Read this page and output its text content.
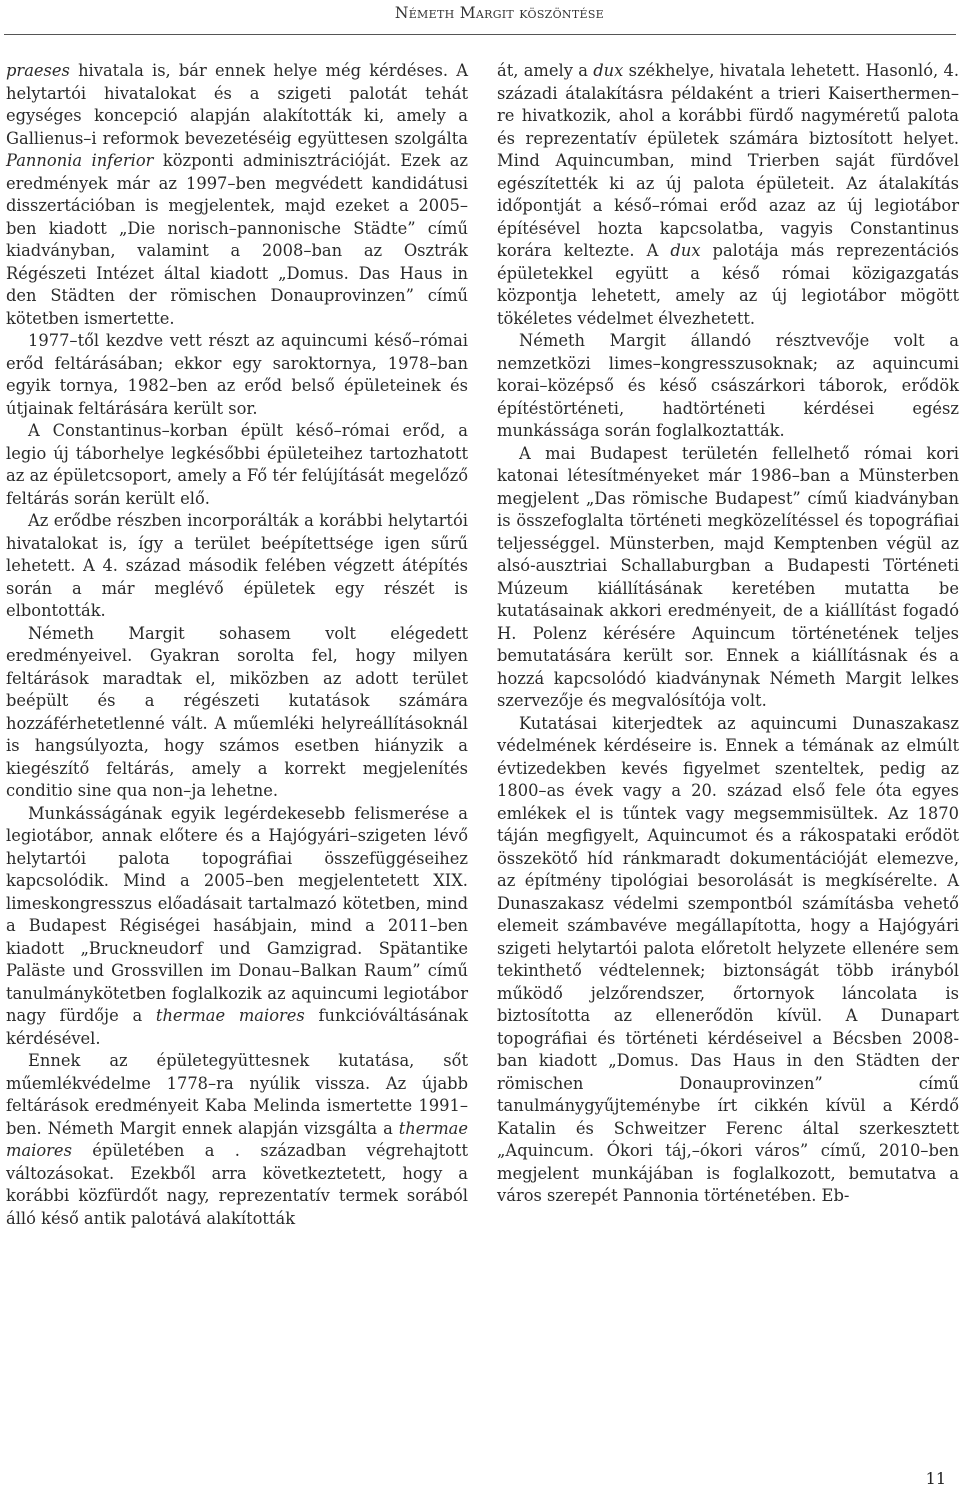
Németh Margit köszöntése

praeses hivatala is, bár ennek helye még kérdéses. A helytartói hivatalokat és a szigeti palotát tehát egységes koncepció alapján alakították ki, amely a Gallienus–i reformok bevezetéséig együttesen szolgálta Pannonia inferior központi adminisztrációját. Ezek az eredmények már az 1997–ben megvédett kandidátusi disszertációban is megjelentek, majd ezeket a 2005–ben kiadott „Die norisch–pannonische Städte” című kiadványban, valamint a 2008–ban az Osztrák Régészeti Intézet által kiadott „Domus. Das Haus in den Städten der römischen Donauprovinzen” című kötetben ismertette.

1977–től kezdve vett részt az aquincumi késő–római erőd feltárásában; ekkor egy saroktornya, 1978–ban egyik tornya, 1982–ben az erőd belső épületeinek és útjainak feltárására került sor.

A Constantinus–korban épült késő–római erőd, a legio új táborhelye legkésőbbi épületeihez tartozhatott az az épületcsoport, amely a Fő tér felújítását megelőző feltárás során került elő.

Az erődbe részben incorporálták a korábbi helytartói hivatalokat is, így a terület beépítettsége igen sűrű lehetett. A 4. század második felében végzett átépítés során a már meglévő épületek egy részét is elbontották.

Németh Margit sohasem volt elégedett eredményeivel. Gyakran sorolta fel, hogy milyen feltárások maradtak el, miközben az adott terület beépült és a régészeti kutatások számára hozzáférhetetlenné vált. A műemléki helyreállításoknál is hangsúlyozta, hogy számos esetben hiányzik a kiegészítő feltárás, amely a korrekt megjelenítés conditio sine qua non–ja lehetne.

Munkásságának egyik legérdekesebb felismerése a legiotábor, annak előtere és a Hajógyári–szigeten lévő helytartói palota topográfiai összefüggéseihez kapcsolódik. Mind a 2005–ben megjelentetett XIX. limeskongresszus előadásait tartalmazó kötetben, mind a Budapest Régiségei hasábjain, mind a 2011–ben kiadott „Bruckneudorf und Gamzigrad. Spätantike Paläste und Grossvillen im Donau–Balkan Raum” című tanulmánykötetben foglalkozik az aquincumi legiotábor nagy fürdője a thermae maiores funkcióváltásának kérdésével.

Ennek az épületegyüttesnek kutatása, sőt műemlékvédelme 1778–ra nyúlik vissza. Az újabb feltárások eredményeit Kaba Melinda ismertette 1991–ben. Németh Margit ennek alapján vizsgálta a thermae maiores épületében a . században végrehajtott változásokat. Ezekből arra következtetett, hogy a korábbi közfürdőt nagy, reprezentatív termek sorából álló késő antik palotává alakították

át, amely a dux székhelye, hivatala lehetett. Hasonló, 4. századi átalakításra példaként a trieri Kaiserthermen–re hivatkozik, ahol a korábbi fürdő nagyméretű palota és reprezentatív épületek számára biztosított helyet. Mind Aquincumban, mind Trierben saját fürdővel egészítették ki az új palota épületeit. Az átalakítás időpontját a késő–római erőd azaz az új legiotábor építésével hozta kapcsolatba, vagyis Constantinus korára keltezte. A dux palotája más reprezentációs épületekkel együtt a késő római közigazgatás központja lehetett, amely az új legiotábor mögött tökéletes védelmet élvezhetett.

Németh Margit állandó résztvevője volt a nemzetközi limes–kongresszusoknak; az aquincumi korai–középső és késő császárkori táborok, erődök építéstörténeti, hadtörténeti kérdései egész munkássága során foglalkoztatták.

A mai Budapest területén fellelhető római kori katonai létesítményeket már 1986–ban a Münsterben megjelent „Das römische Budapest” című kiadványban is összefoglalta történeti megközelítéssel és topográfiai teljességgel. Münsterben, majd Kemptenben végül az alsó-ausztriai Schallaburgban a Budapesti Történeti Múzeum kiállításának keretében mutatta be kutatásainak akkori eredményeit, de a kiállítást fogadó H. Polenz kérésére Aquincum történetének teljes bemutatására került sor. Ennek a kiállításnak és a hozzá kapcsolódó kiadványnak Németh Margit lelkes szervezője és megvalósítója volt.

Kutatásai kiterjedtek az aquincumi Dunaszakasz védelmének kérdéseire is. Ennek a témának az elmúlt évtizedekben kevés figyelmet szenteltek, pedig az 1800–as évek vagy a 20. század első fele óta egyes emlékek el is tűntek vagy megsemmisültek. Az 1870 táján megfigyelt, Aquincumot és a rákospataki erődöt összekötő híd ránkmaradt dokumentációját elemezve, az építmény tipológiai besorolását is megkísérelte. A Dunaszakasz védelmi szempontból számításba vehető elemeit számbavéve megállapította, hogy a Hajógyári szigeti helytartói palota előretolt helyzete ellenére sem tekinthető védtelennek; biztonságát több irányból működő jelzőrendszer, őrtornyok láncolata is biztosította az ellenerődön kívül. A Dunapart topográfiai és történeti kérdéseivel a Bécsben 2008-ban kiadott „Domus. Das Haus in den Städten der römischen Donauprovinzen” című tanulmánygyűjteménybe írt cikkén kívül a Kérdő Katalin és Schweitzer Ferenc által szerkesztett „Aquincum. Ókori táj,–ókori város” című, 2010–ben megjelent munkájában is foglalkozott, bemutatva a város szerepét Pannonia történetében. Eb-

11
